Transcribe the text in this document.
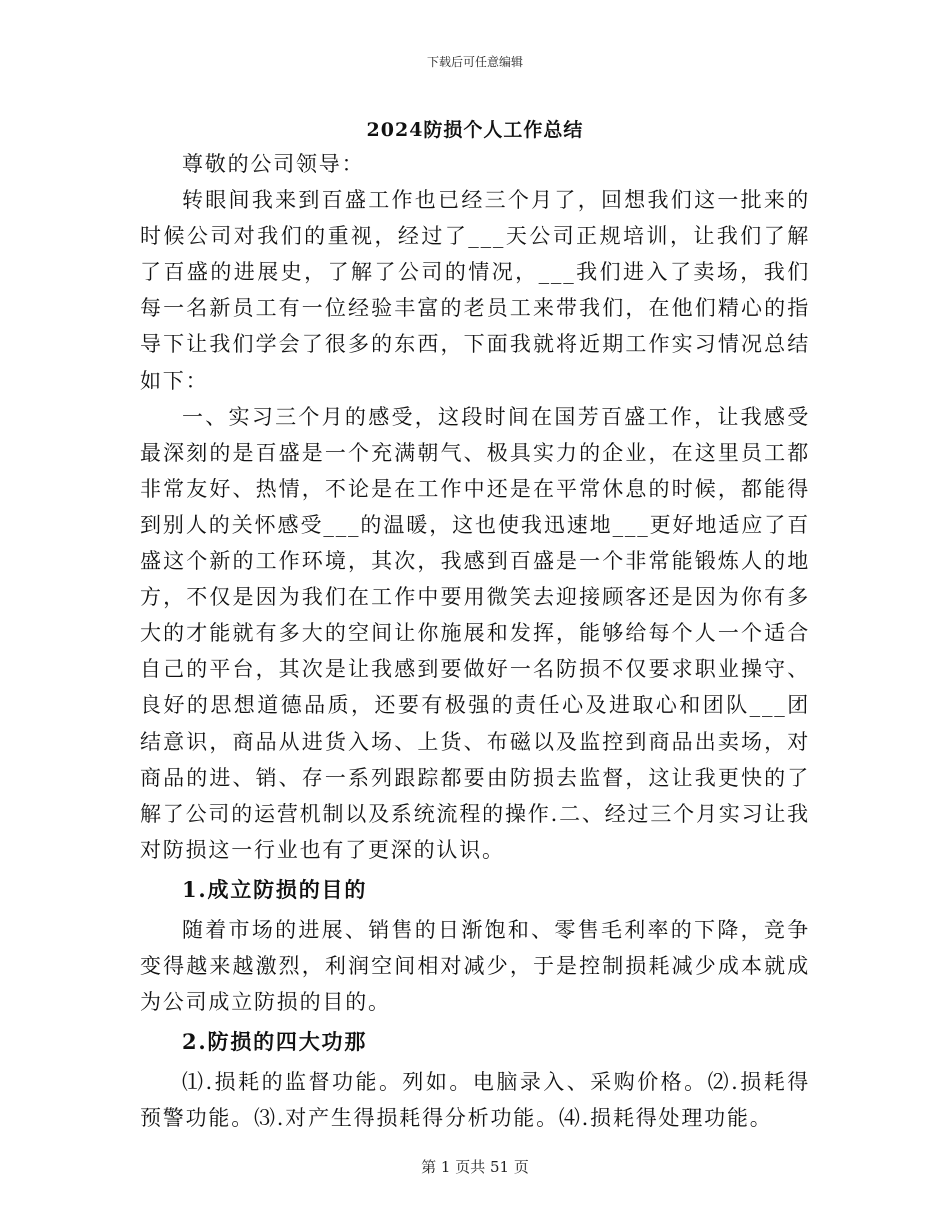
下载后可任意编辑
2024防损个人工作总结

尊敬的公司领导：

转眼间我来到百盛工作也已经三个月了，回想我们这一批来的时候公司对我们的重视，经过了___天公司正规培训，让我们了解了百盛的进展史，了解了公司的情况，___我们进入了卖场，我们每一名新员工有一位经验丰富的老员工来带我们，在他们精心的指导下让我们学会了很多的东西，下面我就将近期工作实习情况总结如下：

一、实习三个月的感受，这段时间在国芳百盛工作，让我感受最深刻的是百盛是一个充满朝气、极具实力的企业，在这里员工都非常友好、热情，不论是在工作中还是在平常休息的时候，都能得到别人的关怀感受___的温暖，这也使我迅速地___更好地适应了百盛这个新的工作环境，其次，我感到百盛是一个非常能锻炼人的地方，不仅是因为我们在工作中要用微笑去迎接顾客还是因为你有多大的才能就有多大的空间让你施展和发挥，能够给每个人一个适合自己的平台，其次是让我感到要做好一名防损不仅要求职业操守、良好的思想道德品质，还要有极强的责任心及进取心和团队___团结意识，商品从进货入场、上货、布磁以及监控到商品出卖场，对商品的进、销、存一系列跟踪都要由防损去监督，这让我更快的了解了公司的运营机制以及系统流程的操作.二、经过三个月实习让我对防损这一行业也有了更深的认识。

1.成立防损的目的

随着市场的进展、销售的日渐饱和、零售毛利率的下降，竞争变得越来越激烈，利润空间相对减少，于是控制损耗减少成本就成为公司成立防损的目的。

2.防损的四大功那

⑴.损耗的监督功能。列如。电脑录入、采购价格。⑵.损耗得预警功能。⑶.对产生得损耗得分析功能。⑷.损耗得处理功能。

第 1 页共 51 页
